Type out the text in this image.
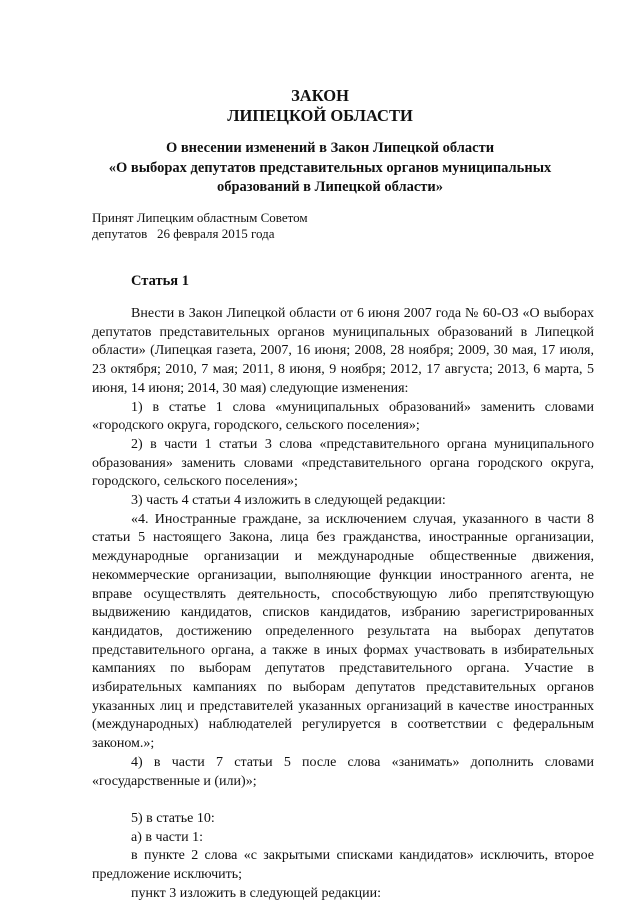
ЗАКОН
ЛИПЕЦКОЙ ОБЛАСТИ
О внесении изменений в Закон Липецкой области
«О выборах депутатов представительных органов муниципальных
образований в Липецкой области»
Принят Липецким областным Советом
депутатов   26 февраля 2015 года
Статья 1

Внести в Закон Липецкой области от 6 июня 2007 года № 60-ОЗ «О выборах депутатов представительных органов муниципальных образований в Липецкой области» (Липецкая газета, 2007, 16 июня; 2008, 28 ноября; 2009, 30 мая, 17 июля, 23 октября; 2010, 7 мая; 2011, 8 июня, 9 ноября; 2012, 17 августа; 2013, 6 марта, 5 июня, 14 июня; 2014, 30 мая) следующие изменения:

1) в статье 1 слова «муниципальных образований» заменить словами «городского округа, городского, сельского поселения»;

2) в части 1 статьи 3 слова «представительного органа муниципального образования» заменить словами «представительного органа городского округа, городского, сельского поселения»;

3) часть 4 статьи 4 изложить в следующей редакции:

«4. Иностранные граждане, за исключением случая, указанного в части 8 статьи 5 настоящего Закона, лица без гражданства, иностранные организации, международные организации и международные общественные движения, некоммерческие организации, выполняющие функции иностранного агента, не вправе осуществлять деятельность, способствующую либо препятствующую выдвижению кандидатов, списков кандидатов, избранию зарегистрированных кандидатов, достижению определенного результата на выборах депутатов представительного органа, а также в иных формах участвовать в избирательных кампаниях по выборам депутатов представительного органа. Участие в избирательных кампаниях по выборам депутатов представительных органов указанных лиц и представителей указанных организаций в качестве иностранных (международных) наблюдателей регулируется в соответствии с федеральным законом.»;

4) в части 7 статьи 5 после слова «занимать» дополнить словами «государственные и (или)»;

5) в статье 10:

а) в части 1:

в пункте 2 слова «с закрытыми списками кандидатов» исключить, второе предложение исключить;

пункт 3 изложить в следующей редакции:
